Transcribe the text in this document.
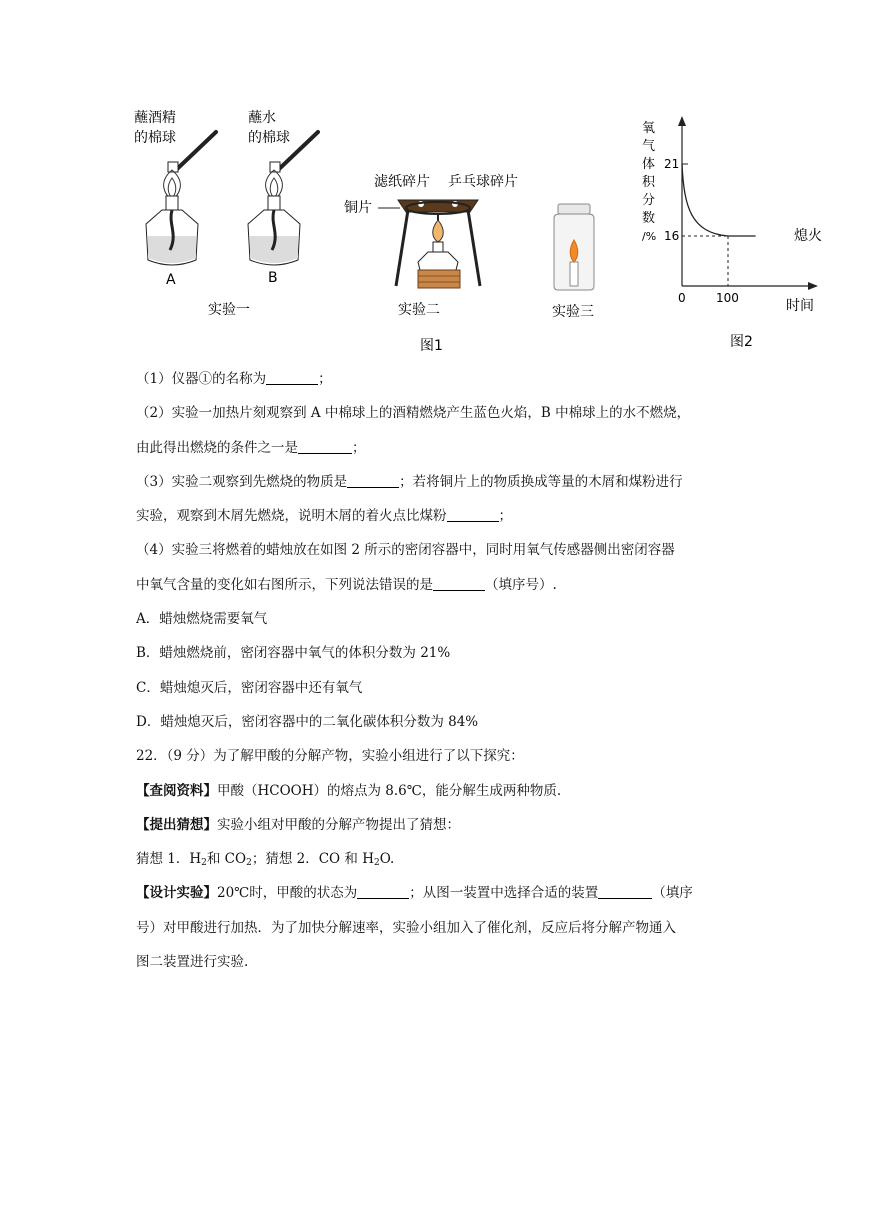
蘸酒精
的棉球
A
蘸水
的棉球
B
实验一
滤纸碎片 乒乓球碎片
铜片
实验二	实验三
图1
氧
气
体
积
分
数
/%
21
16
0	100	时间
熄火
图2
（1）仪器①的名称为	；
（2）实验一加热片刻观察到 A 中棉球上的酒精燃烧产生蓝色火焰，B 中棉球上的水不燃烧，
由此得出燃烧的条件之一是	；
（3）实验二观察到先燃烧的物质是	；若将铜片上的物质换成等量的木屑和煤粉进行
实验，观察到木屑先燃烧，说明木屑的着火点比煤粉	；
（4）实验三将燃着的蜡烛放在如图 2 所示的密闭容器中，同时用氧气传感器侧出密闭容器
中氧气含量的变化如右图所示，下列说法错误的是	（填序号）.
A．蜡烛燃烧需要氧气
B．蜡烛燃烧前，密闭容器中氧气的体积分数为 21%
C．蜡烛熄灭后，密闭容器中还有氧气
D．蜡烛熄灭后，密闭容器中的二氧化碳体积分数为 84%
22．（9 分）为了解甲酸的分解产物，实验小组进行了以下探究：
【查阅资料】甲酸（HCOOH）的熔点为 8.6℃，能分解生成两种物质.
【提出猜想】实验小组对甲酸的分解产物提出了猜想：
猜想 1．$H_2$和 $CO_2$；猜想 2．CO 和 $H_2O$.
【设计实验】20℃时，甲酸的状态为	；从图一装置中选择合适的装置	（填序
号）对甲酸进行加热．为了加快分解速率，实验小组加入了催化剂，反应后将分解产物通入
图二装置进行实验.
